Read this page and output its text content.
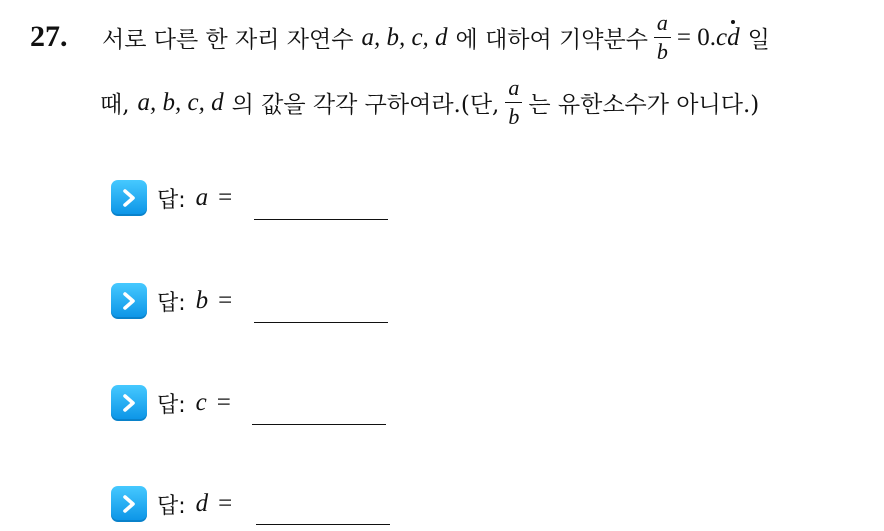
27. 서로 다른 한 자리 자연수 a, b, c, d 에 대하여 기약분수 $\frac{a}{b} = 0.cd$ 일
때, a, b, c, d 의 값을 각각 구하여라.(단, $\frac{a}{b}$ 는 유한소수가 아니다.)
답: a =
답: b =
답: c =
답: d =
